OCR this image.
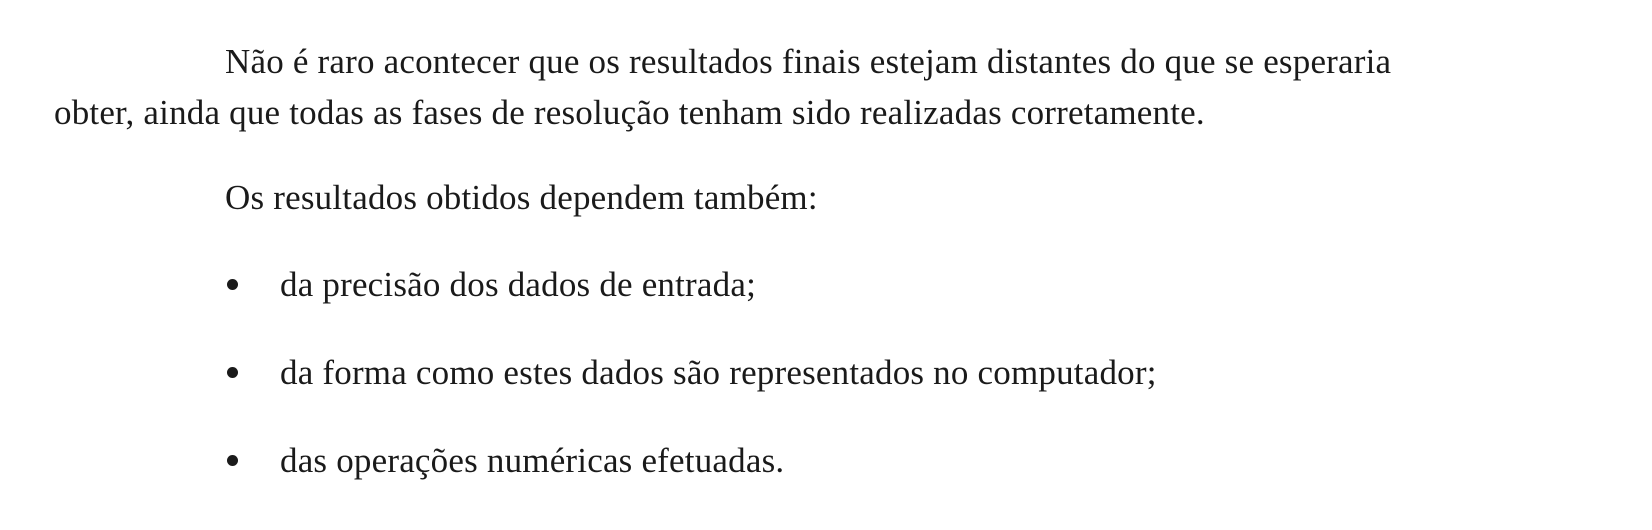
Não é raro acontecer que os resultados finais estejam distantes do que se esperaria
obter, ainda que todas as fases de resolução tenham sido realizadas corretamente.
Os resultados obtidos dependem também:
da precisão dos dados de entrada;
da forma como estes dados são representados no computador;
das operações numéricas efetuadas.
